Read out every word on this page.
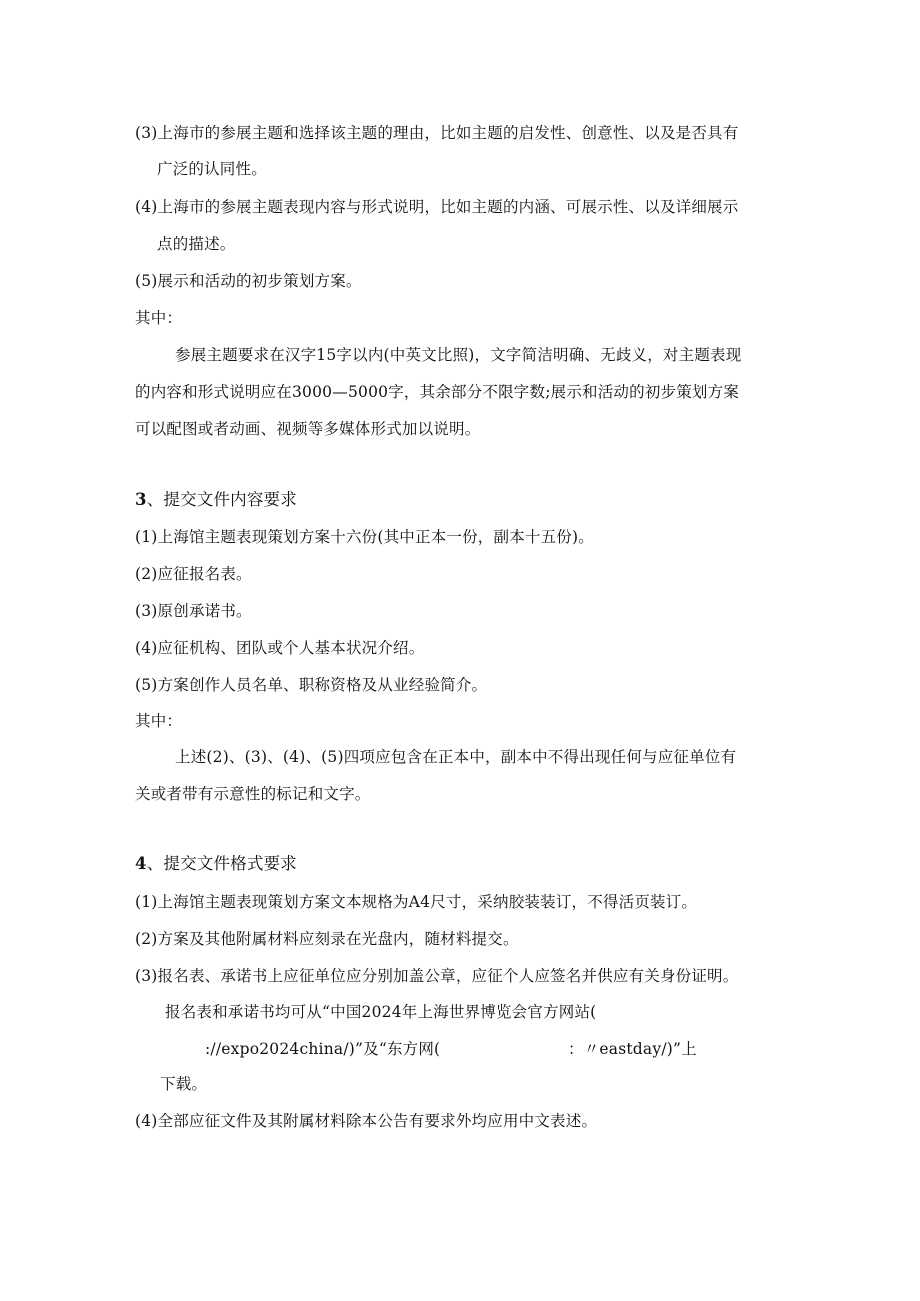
(3)上海市的参展主题和选择该主题的理由，比如主题的启发性、创意性、以及是否具有
广泛的认同性。
(4)上海市的参展主题表现内容与形式说明，比如主题的内涵、可展示性、以及详细展示
点的描述。
(5)展示和活动的初步策划方案。
其中：
参展主题要求在汉字15字以内(中英文比照)，文字简洁明确、无歧义，对主题表现
的内容和形式说明应在3000—5000字，其余部分不限字数;展示和活动的初步策划方案
可以配图或者动画、视频等多媒体形式加以说明。
3、提交文件内容要求
(1)上海馆主题表现策划方案十六份(其中正本一份，副本十五份)。
(2)应征报名表。
(3)原创承诺书。
(4)应征机构、团队或个人基本状况介绍。
(5)方案创作人员名单、职称资格及从业经验简介。
其中：
上述(2)、(3)、(4)、(5)四项应包含在正本中，副本中不得出现任何与应征单位有
关或者带有示意性的标记和文字。
4、提交文件格式要求
(1)上海馆主题表现策划方案文本规格为A4尺寸，采纳胶装装订，不得活页装订。
(2)方案及其他附属材料应刻录在光盘内，随材料提交。
(3)报名表、承诺书上应征单位应分别加盖公章，应征个人应签名并供应有关身份证明。
报名表和承诺书均可从“中国2024年上海世界博览会官方网站(
://expo2024china/)”及“东方网(	：〃eastday/)”上
下载。
(4)全部应征文件及其附属材料除本公告有要求外均应用中文表述。
